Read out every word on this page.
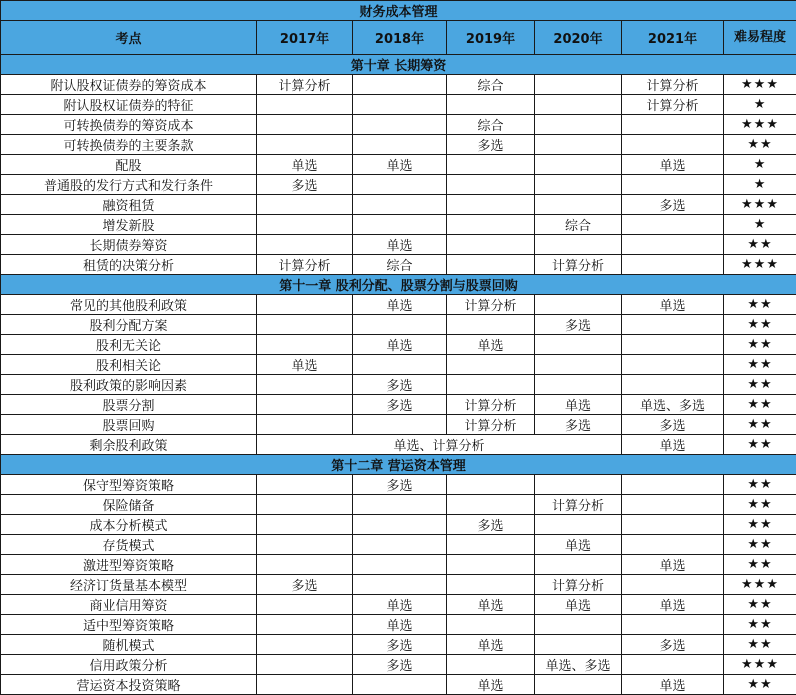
财务成本管理						
考点	2017年	2018年	2019年	2020年	2021年	难易程度
第十章 长期筹资						
附认股权证债券的筹资成本	计算分析		综合		计算分析	★★★
附认股权证债券的特征					计算分析	★
可转换债券的筹资成本			综合			★★★
可转换债券的主要条款			多选			★★
配股	单选	单选			单选	★
普通股的发行方式和发行条件	多选					★
融资租赁					多选	★★★
增发新股				综合		★
长期债券筹资		单选				★★
租赁的决策分析	计算分析	综合		计算分析		★★★
第十一章 股利分配、股票分割与股票回购						
常见的其他股利政策		单选	计算分析		单选	★★
股利分配方案				多选		★★
股利无关论		单选	单选			★★
股利相关论	单选					★★
股利政策的影响因素		多选				★★
股票分割		多选	计算分析	单选	单选、多选	★★
股票回购			计算分析	多选	多选	★★
剩余股利政策	单选、计算分析				单选	★★
第十二章 营运资本管理						
保守型筹资策略		多选				★★
保险储备				计算分析		★★
成本分析模式			多选			★★
存货模式				单选		★★
激进型筹资策略					单选	★★
经济订货量基本模型	多选			计算分析		★★★
商业信用筹资		单选	单选	单选	单选	★★
适中型筹资策略		单选				★★
随机模式		多选	单选		多选	★★
信用政策分析		多选		单选、多选		★★★
营运资本投资策略			单选		单选	★★
